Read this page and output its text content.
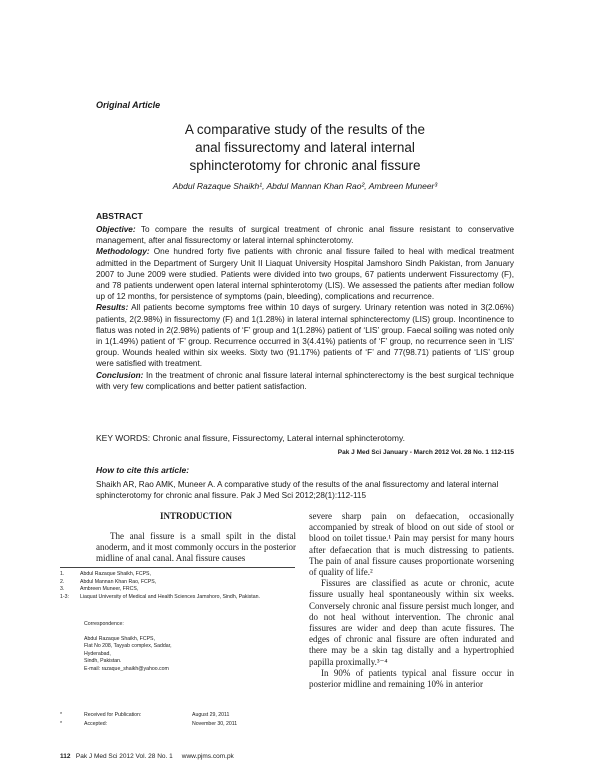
Original Article
A comparative study of the results of the
anal fissurectomy and lateral internal
sphincterotomy for chronic anal fissure
Abdul Razaque Shaikh¹, Abdul Mannan Khan Rao², Ambreen Muneer³
ABSTRACT

Objective: To compare the results of surgical treatment of chronic anal fissure resistant to conservative management, after anal fissurectomy or lateral internal sphincterotomy.

Methodology: One hundred forty five patients with chronic anal fissure failed to heal with medical treatment admitted in the Department of Surgery Unit II Liaquat University Hospital Jamshoro Sindh Pakistan, from January 2007 to June 2009 were studied. Patients were divided into two groups, 67 patients underwent Fissurectomy (F), and 78 patients underwent open lateral internal sphinterotomy (LIS). We assessed the patients after median follow up of 12 months, for persistence of symptoms (pain, bleeding), complications and recurrence.

Results: All patients become symptoms free within 10 days of surgery. Urinary retention was noted in 3(2.06%) patients, 2(2.98%) in fissurectomy (F) and 1(1.28%) in lateral internal sphincterectomy (LIS) group. Incontinence to flatus was noted in 2(2.98%) patients of ‘F’ group and 1(1.28%) patient of ‘LIS’ group. Faecal soiling was noted only in 1(1.49%) patient of ‘F’ group. Recurrence occurred in 3(4.41%) patients of ‘F’ group, no recurrence seen in ‘LIS’ group. Wounds healed within six weeks. Sixty two (91.17%) patients of ‘F’ and 77(98.71) patients of ‘LIS’ group were satisfied with treatment.

Conclusion: In the treatment of chronic anal fissure lateral internal sphincterectomy is the best surgical technique with very few complications and better patient satisfaction.

KEY WORDS: Chronic anal fissure, Fissurectomy, Lateral internal sphincterotomy.
Pak J Med Sci January - March 2012 Vol. 28 No. 1 112-115
How to cite this article:
Shaikh AR, Rao AMK, Muneer A. A comparative study of the results of the anal fissurectomy and lateral internal sphincterotomy for chronic anal fissure. Pak J Med Sci 2012;28(1):112-115
INTRODUCTION
The anal fissure is a small spilt in the distal anoderm, and it most commonly occurs in the posterior midline of anal canal. Anal fissure causes
1.	Abdul Razaque Shaikh, FCPS,
2.	Abdul Mannan Khan Rao, FCPS,
3.	Ambreen Muneer, FRCS,
1-3:	Liaquat University of Medical and Health Sciences Jamshoro, Sindh, Pakistan.
Correspondence:
Abdul Razaque Shaikh, FCPS,
Flat No 208, Tayyab complex, Saddar,
Hyderabad,
Sindh, Pakistan.
E-mail: razaque_shaikh@yahoo.com
*	Received for Publication:	August 29, 2011
*	Accepted:	November 30, 2011

severe sharp pain on defaecation, occasionally accompanied by streak of blood on out side of stool or blood on toilet tissue.¹ Pain may persist for many hours after defaecation that is much distressing to patients. The pain of anal fissure causes proportionate worsening of quality of life.²

Fissures are classified as acute or chronic, acute fissure usually heal spontaneously within six weeks. Conversely chronic anal fissure persist much longer, and do not heal without intervention. The chronic anal fissures are wider and deep than acute fissures. The edges of chronic anal fissure are often indurated and there may be a skin tag distally and a hypertrophied papilla proximally.³⁻⁴

In 90% of patients typical anal fissure occur in posterior midline and remaining 10% in anterior

112 Pak J Med Sci 2012 Vol. 28 No. 1 www.pjms.com.pk
